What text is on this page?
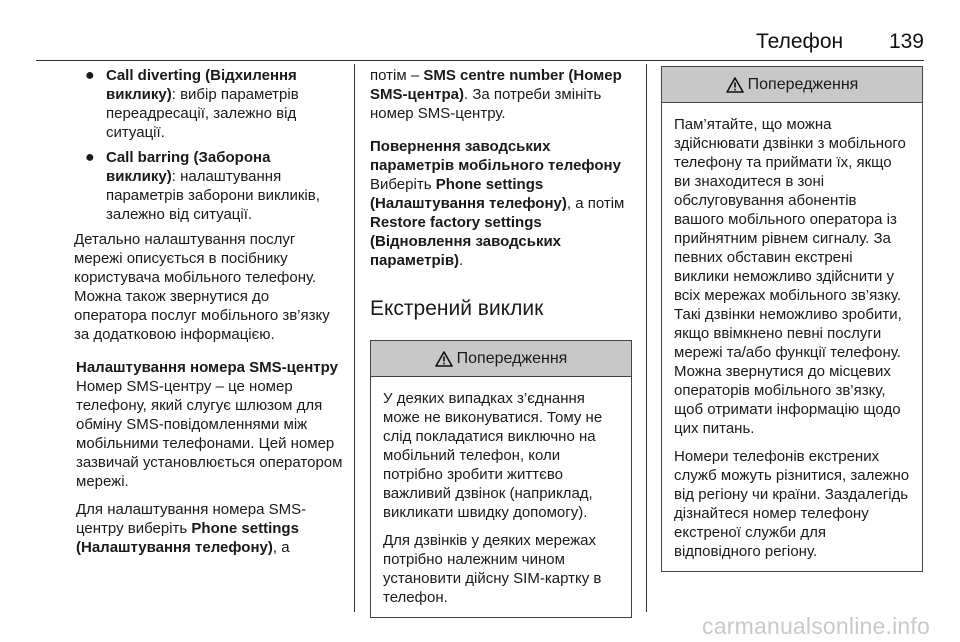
Телефон 139
● Call diverting (Відхилення виклику): вибір параметрів переадресації, залежно від ситуації.
● Call barring (Заборона виклику): налаштування параметрів заборони викликів, залежно від ситуації.

Детально налаштування послуг мережі описується в посібнику користувача мобільного телефону. Можна також звернутися до оператора послуг мобільного зв’язку за додатковою інформацією.

Налаштування номера SMS-центру

Номер SMS-центру – це номер телефону, який слугує шлюзом для обміну SMS-повідомленнями між мобільними телефонами. Цей номер зазвичай установлюється оператором мережі.

Для налаштування номера SMS-центру виберіть Phone settings (Налаштування телефону), а

потім – SMS centre number (Номер SMS-центра). За потреби змініть номер SMS-центру.

Повернення заводських параметрів мобільного телефону

Виберіть Phone settings (Налаштування телефону), а потім Restore factory settings (Відновлення заводських параметрів).

Екстрений виклик
Попередження

У деяких випадках з’єднання може не виконуватися. Тому не слід покладатися виключно на мобільний телефон, коли потрібно зробити життєво важливий дзвінок (наприклад, викликати швидку допомогу).

Для дзвінків у деяких мережах потрібно належним чином установити дійсну SIM-картку в телефон.

Попередження

Пам’ятайте, що можна здійснювати дзвінки з мобільного телефону та приймати їх, якщо ви знаходитеся в зоні обслуговування абонентів вашого мобільного оператора із прийнятним рівнем сигналу. За певних обставин екстрені виклики неможливо здійснити у всіх мережах мобільного зв’язку. Такі дзвінки неможливо зробити, якщо ввімкнено певні послуги мережі та/або функції телефону. Можна звернутися до місцевих операторів мобільного зв’язку, щоб отримати інформацію щодо цих питань.

Номери телефонів екстрених служб можуть різнитися, залежно від регіону чи країни. Заздалегідь дізнайтеся номер телефону екстреної служби для відповідного регіону.

carmanualsonline.info
